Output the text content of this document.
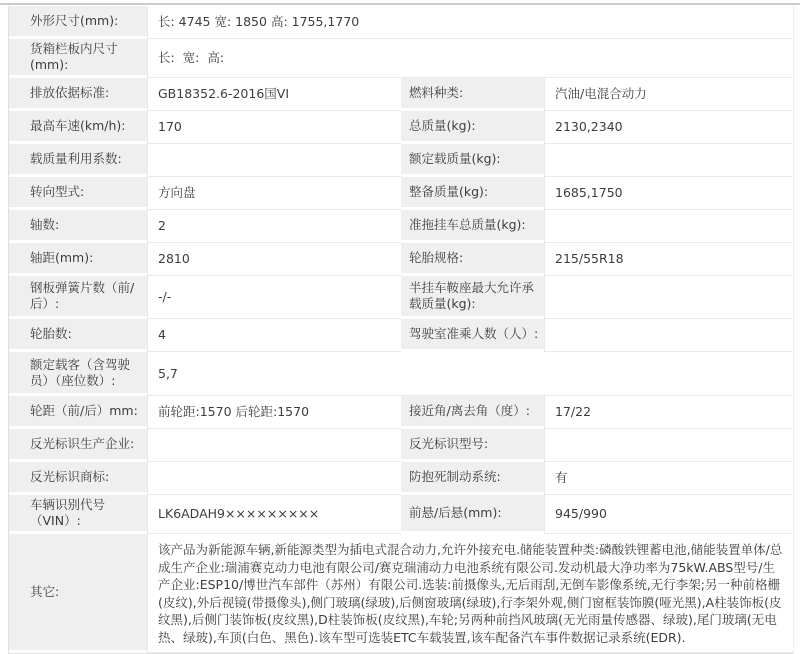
外形尺寸(mm):	长: 4745 宽: 1850 高: 1755,1770		
货箱栏板内尺寸(mm):	长:  宽:  高:		
排放依据标准:	GB18352.6-2016国VI	燃料种类:	汽油/电混合动力
最高车速(km/h):	170	总质量(kg):	2130,2340
载质量利用系数:		额定载质量(kg):	
转向型式:	方向盘	整备质量(kg):	1685,1750
轴数:	2	准拖挂车总质量(kg):	
轴距(mm):	2810	轮胎规格:	215/55R18
钢板弹簧片数（前/后）:	-/-	半挂车鞍座最大允许承载质量(kg):	
轮胎数:	4	驾驶室准乘人数（人）:	
额定载客（含驾驶员）（座位数）:	5,7		
轮距（前/后）mm:	前轮距:1570 后轮距:1570	接近角/离去角（度）:	17/22
反光标识生产企业:		反光标识型号:	
反光标识商标:		防抱死制动系统:	有
车辆识别代号（VIN）:	LK6ADAH9×××××××××	前悬/后悬(mm):	945/990
其它:	该产品为新能源车辆,新能源类型为插电式混合动力,允许外接充电.储能装置种类:磷酸铁锂蓄电池,储能装置单体/总成生产企业:瑞浦赛克动力电池有限公司/赛克瑞浦动力电池系统有限公司.发动机最大净功率为75kW.ABS型号/生产企业:ESP10/博世汽车部件（苏州）有限公司.选装:前摄像头,无后雨刮,无倒车影像系统,无行李架;另一种前格栅(皮纹),外后视镜(带摄像头),侧门玻璃(绿玻),后侧窗玻璃(绿玻),行李架外观,侧门窗框装饰膜(哑光黑),A柱装饰板(皮纹黑),后侧门装饰板(皮纹黑),D柱装饰板(皮纹黑),车轮;另两种前挡风玻璃(无光雨量传感器、绿玻),尾门玻璃(无电热、绿玻),车顶(白色、黑色).该车型可选装ETC车载装置,该车配备汽车事件数据记录系统(EDR).		
